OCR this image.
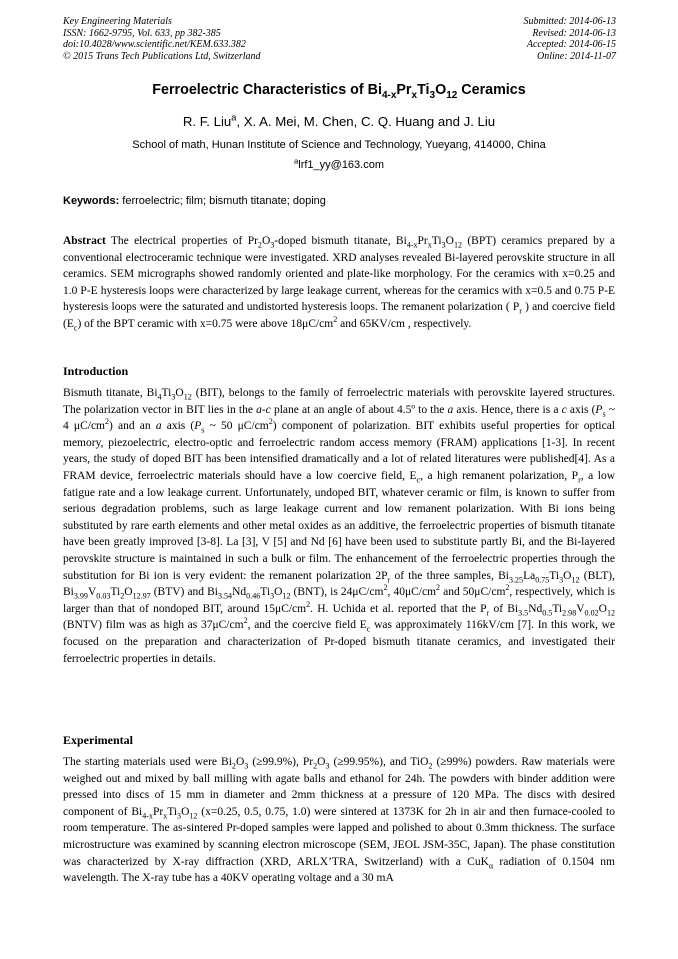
Key Engineering Materials
ISSN: 1662-9795, Vol. 633, pp 382-385
doi:10.4028/www.scientific.net/KEM.633.382
© 2015 Trans Tech Publications Ltd, Switzerland
Submitted: 2014-06-13
Revised: 2014-06-13
Accepted: 2014-06-15
Online: 2014-11-07
Ferroelectric Characteristics of $Bi_{4-x}Pr_xTi_3O_{12}$ Ceramics
R. F. Liu$^a$, X. A. Mei, M. Chen, C. Q. Huang and J. Liu
School of math, Hunan Institute of Science and Technology, Yueyang, 414000, China
$^a$lrf1_yy@163.com
Keywords: ferroelectric; film; bismuth titanate; doping
Abstract The electrical properties of $Pr_2O_3$-doped bismuth titanate, $Bi_{4-x}Pr_xTi_3O_{12}$ (BPT) ceramics prepared by a conventional electroceramic technique were investigated. XRD analyses revealed Bi-layered perovskite structure in all ceramics. SEM micrographs showed randomly oriented and plate-like morphology. For the ceramics with x=0.25 and 1.0 P-E hysteresis loops were characterized by large leakage current, whereas for the ceramics with x=0.5 and 0.75 P-E hysteresis loops were the saturated and undistorted hysteresis loops. The remanent polarization ( $P_r$ ) and coercive field $(E_c)$ of the BPT ceramic with x=0.75 were above $18\mu C/cm^2$ and 65KV/cm , respectively.
Introduction
Bismuth titanate, $Bi_4Ti_3O_{12}$ (BIT), belongs to the family of ferroelectric materials with perovskite layered structures. The polarization vector in BIT lies in the a-c plane at an angle of about 4.5º to the a axis. Hence, there is a c axis ($P_s$ ~ 4 $\mu C/cm^2$) and an a axis ($P_s$ ~ 50 $\mu C/cm^2$) component of polarization. BIT exhibits useful properties for optical memory, piezoelectric, electro-optic and ferroelectric random access memory (FRAM) applications [1-3]. In recent years, the study of doped BIT has been intensified dramatically and a lot of related literatures were published[4]. As a FRAM device, ferroelectric materials should have a low coercive field, $E_c$, a high remanent polarization, $P_r$, a low fatigue rate and a low leakage current. Unfortunately, undoped BIT, whatever ceramic or film, is known to suffer from serious degradation problems, such as large leakage current and low remanent polarization. With Bi ions being substituted by rare earth elements and other metal oxides as an additive, the ferroelectric properties of bismuth titanate have been greatly improved [3-8]. La [3], V [5] and Nd [6] have been used to substitute partly Bi, and the Bi-layered perovskite structure is maintained in such a bulk or film. The enhancement of the ferroelectric properties through the substitution for Bi ion is very evident: the remanent polarization $2P_r$ of the three samples, $Bi_{3.25}La_{0.75}Ti_3O_{12}$ (BLT), $Bi_{3.99}V_{0.03}Ti_2O_{12.97}$ (BTV) and $Bi_{3.54}Nd_{0.46}Ti_3O_{12}$ (BNT), is $24\mu C/cm^2$, $40\mu C/cm^2$ and $50\mu C/cm^2$, respectively, which is larger than that of nondoped BIT, around $15\mu C/cm^2$. H. Uchida et al. reported that the $P_r$ of $Bi_{3.5}Nd_{0.5}Ti_{2.98}V_{0.02}O_{12}$ (BNTV) film was as high as $37\mu C/cm^2$, and the coercive field $E_c$ was approximately 116kV/cm [7]. In this work, we focused on the preparation and characterization of Pr-doped bismuth titanate ceramics, and investigated their ferroelectric properties in details.
Experimental
The starting materials used were $Bi_2O_3$ (≥99.9%), $Pr_2O_3$ (≥99.95%), and TiO$_2$ (≥99%) powders. Raw materials were weighed out and mixed by ball milling with agate balls and ethanol for 24h. The powders with binder addition were pressed into discs of 15 mm in diameter and 2mm thickness at a pressure of 120 MPa. The discs with desired component of $Bi_{4-x}Pr_xTi_3O_{12}$ (x=0.25, 0.5, 0.75, 1.0) were sintered at 1373K for 2h in air and then furnace-cooled to room temperature. The as-sintered Pr-doped samples were lapped and polished to about 0.3mm thickness. The surface microstructure was examined by scanning electron microscope (SEM, JEOL JSM-35C, Japan). The phase constitution was characterized by X-ray diffraction (XRD, ARLX’TRA, Switzerland) with a CuK$_\alpha$ radiation of 0.1504 nm wavelength. The X-ray tube has a 40KV operating voltage and a 30 mA
